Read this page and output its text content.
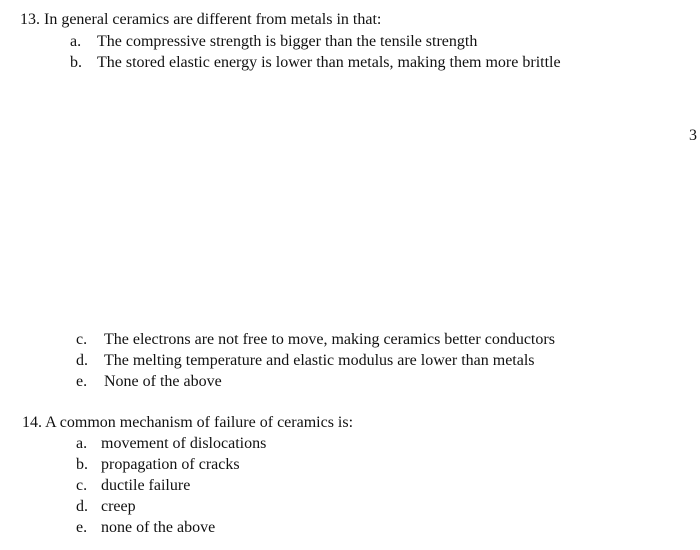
13. In general ceramics are different from metals in that:
a. The compressive strength is bigger than the tensile strength
b. The stored elastic energy is lower than metals, making them more brittle
3
c. The electrons are not free to move, making ceramics better conductors
d. The melting temperature and elastic modulus are lower than metals
e. None of the above
14. A common mechanism of failure of ceramics is:
a. movement of dislocations
b. propagation of cracks
c. ductile failure
d. creep
e. none of the above
